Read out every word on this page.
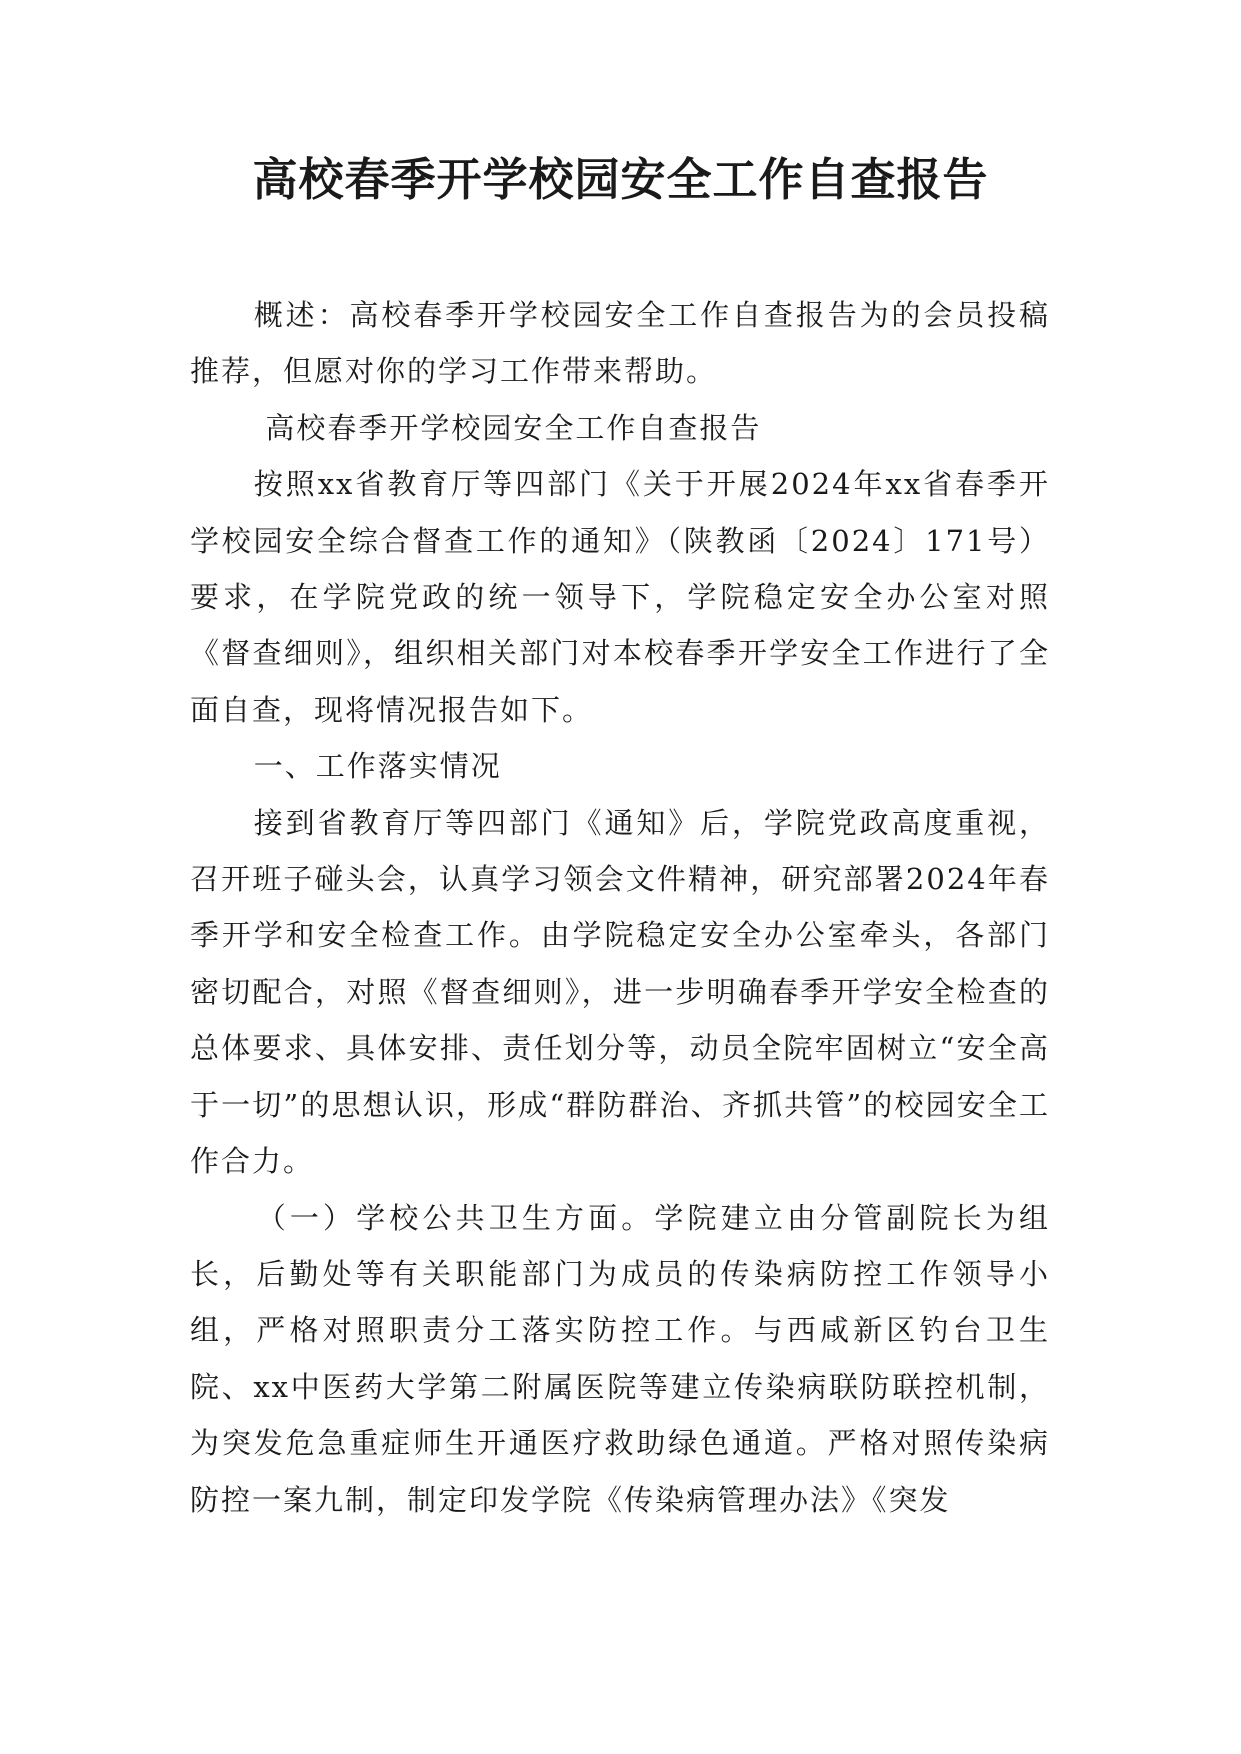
高校春季开学校园安全工作自查报告

概述：高校春季开学校园安全工作自查报告为的会员投稿推荐，但愿对你的学习工作带来帮助。

高校春季开学校园安全工作自查报告

按照xx省教育厅等四部门《关于开展2024年xx省春季开学校园安全综合督查工作的通知》（陕教函〔2024〕171号）要求，在学院党政的统一领导下，学院稳定安全办公室对照《督查细则》，组织相关部门对本校春季开学安全工作进行了全面自查，现将情况报告如下。

一、工作落实情况

接到省教育厅等四部门《通知》后，学院党政高度重视，召开班子碰头会，认真学习领会文件精神，研究部署2024年春季开学和安全检查工作。由学院稳定安全办公室牵头，各部门密切配合，对照《督查细则》，进一步明确春季开学安全检查的总体要求、具体安排、责任划分等，动员全院牢固树立“安全高于一切”的思想认识，形成“群防群治、齐抓共管”的校园安全工作合力。

（一）学校公共卫生方面。学院建立由分管副院长为组长，后勤处等有关职能部门为成员的传染病防控工作领导小组，严格对照职责分工落实防控工作。与西咸新区钓台卫生院、xx中医药大学第二附属医院等建立传染病联防联控机制，为突发危急重症师生开通医疗救助绿色通道。严格对照传染病防控一案九制，制定印发学院《传染病管理办法》《突发
